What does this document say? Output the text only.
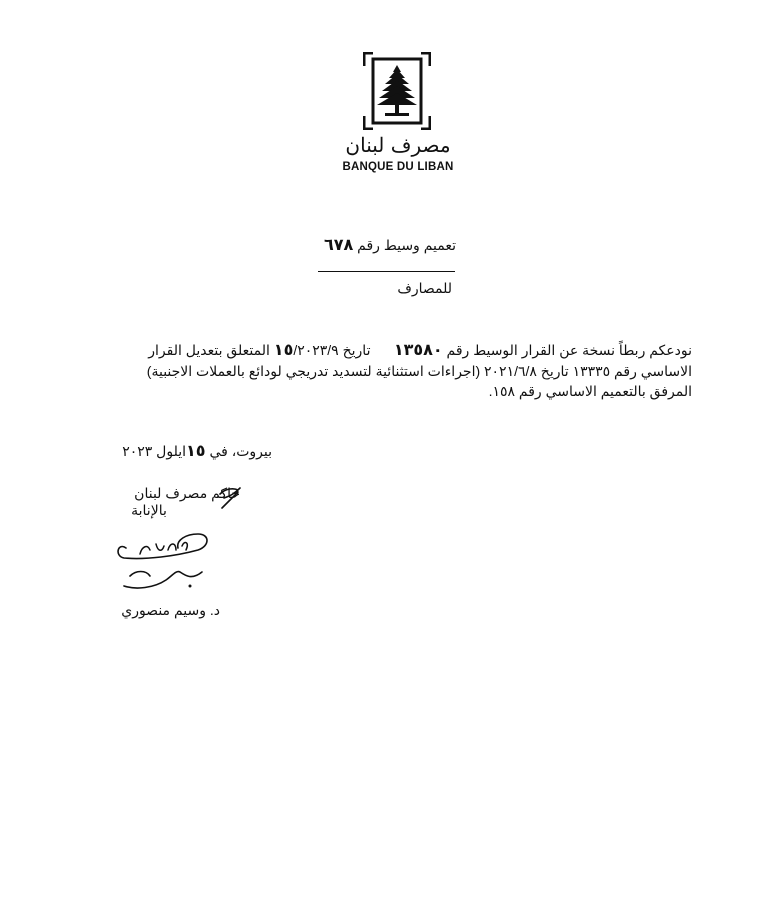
مصرف لبنان
BANQUE DU LIBAN
تعميم وسيط رقم ٦٧٨
للمصارف
نودعكم ربطاً نسخة عن القرار الوسيط رقم ١٣٥٨٠      تاريخ ١٥/٢٠٢٣/٩ المتعلق بتعديل القرار
الاساسي رقم ١٣٣٣٥ تاريخ ٢٠٢١/٦/٨ (اجراءات استثنائية لتسديد تدريجي لودائع بالعملات الاجنبية)
المرفق بالتعميم الاساسي رقم ١٥٨.
بيروت، في ١٥ايلول ٢٠٢٣
حاكم مصرف لبنان
بالإنابة
د. وسيم منصوري
